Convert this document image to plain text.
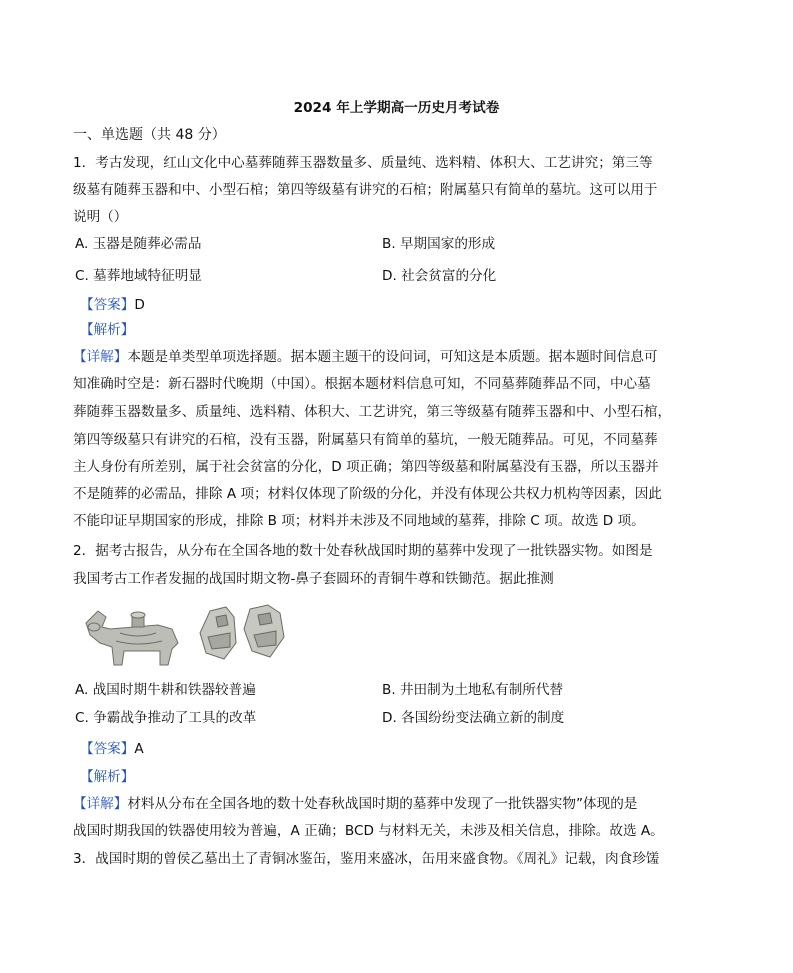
2024 年上学期高一历史月考试卷
一、单选题（共 48 分）
1．考古发现，红山文化中心墓葬随葬玉器数量多、质量纯、选料精、体积大、工艺讲究；第三等
级墓有随葬玉器和中、小型石棺；第四等级墓有讲究的石棺；附属墓只有简单的墓坑。这可以用于
说明（）
A. 玉器是随葬必需品	B. 早期国家的形成
C. 墓葬地域特征明显	D. 社会贫富的分化
【答案】D
【解析】
【详解】本题是单类型单项选择题。据本题主题干的设问词，可知这是本质题。据本题时间信息可
知准确时空是：新石器时代晚期（中国）。根据本题材料信息可知，不同墓葬随葬品不同，中心墓
葬随葬玉器数量多、质量纯、选料精、体积大、工艺讲究，第三等级墓有随葬玉器和中、小型石棺，
第四等级墓只有讲究的石棺，没有玉器，附属墓只有简单的墓坑，一般无随葬品。可见，不同墓葬
主人身份有所差别，属于社会贫富的分化，D 项正确；第四等级墓和附属墓没有玉器，所以玉器并
不是随葬的必需品，排除 A 项；材料仅体现了阶级的分化，并没有体现公共权力机构等因素，因此
不能印证早期国家的形成，排除 B 项；材料并未涉及不同地域的墓葬，排除 C 项。故选 D 项。
2．据考古报告，从分布在全国各地的数十处春秋战国时期的墓葬中发现了一批铁器实物。如图是
我国考古工作者发掘的战国时期文物-鼻子套圆环的青铜牛尊和铁锄范。据此推测
A. 战国时期牛耕和铁器较普遍	B. 井田制为土地私有制所代替
C. 争霸战争推动了工具的改革	D. 各国纷纷变法确立新的制度
【答案】A
【解析】
【详解】材料从分布在全国各地的数十处春秋战国时期的墓葬中发现了一批铁器实物”体现的是
战国时期我国的铁器使用较为普遍，A 正确；BCD 与材料无关，未涉及相关信息，排除。故选 A。
3．战国时期的曾侯乙墓出土了青铜冰鉴缶，鉴用来盛冰，缶用来盛食物。《周礼》记载，肉食珍馐
